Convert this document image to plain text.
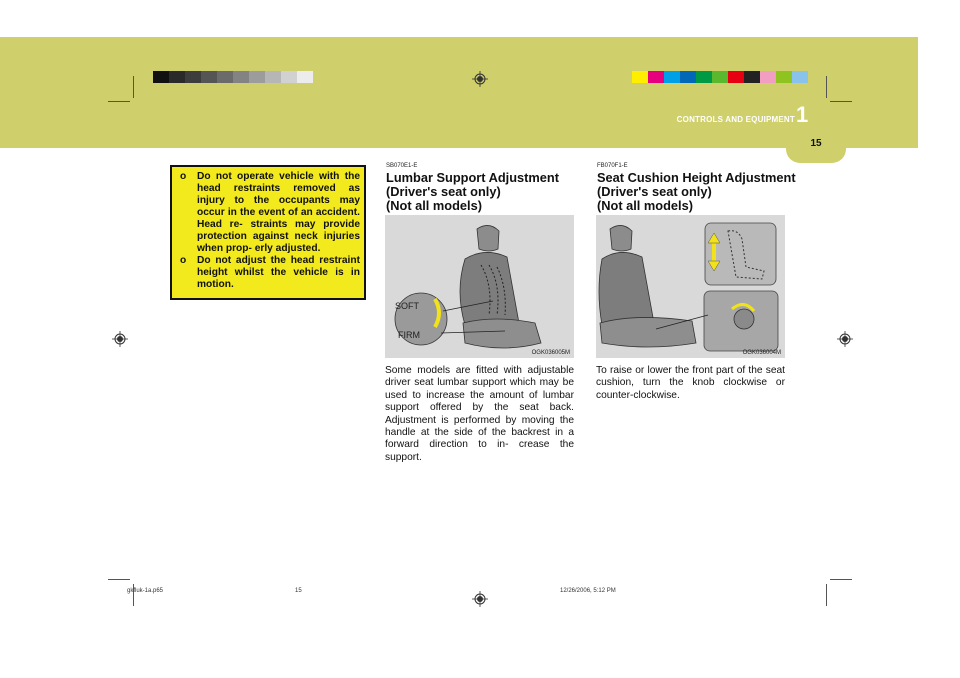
CONTROLS AND EQUIPMENT 1
15
o Do not operate vehicle with the head restraints removed as injury to the occupants may occur in the event of an accident. Head re- straints may provide protection against neck injuries when prop- erly adjusted.
o Do not adjust the head restraint height whilst the vehicle is in motion.
SB070E1-E
Lumbar Support Adjustment
(Driver's seat only)
(Not all models)
SOFT
FIRM
OGK036005M
Some models are fitted with adjustable driver seat lumbar support which may be used to increase the amount of lumbar support offered by the seat back. Adjustment is performed by moving the handle at the side of the backrest in a forward direction to in- crease the support.
FB070F1-E
Seat Cushion Height Adjustment
(Driver's seat only)
(Not all models)
OGK036004M
To raise or lower the front part of the seat cushion, turn the knob clockwise or counter-clockwise.
gkfluk-1a.p65	15	12/26/2006, 5:12 PM
